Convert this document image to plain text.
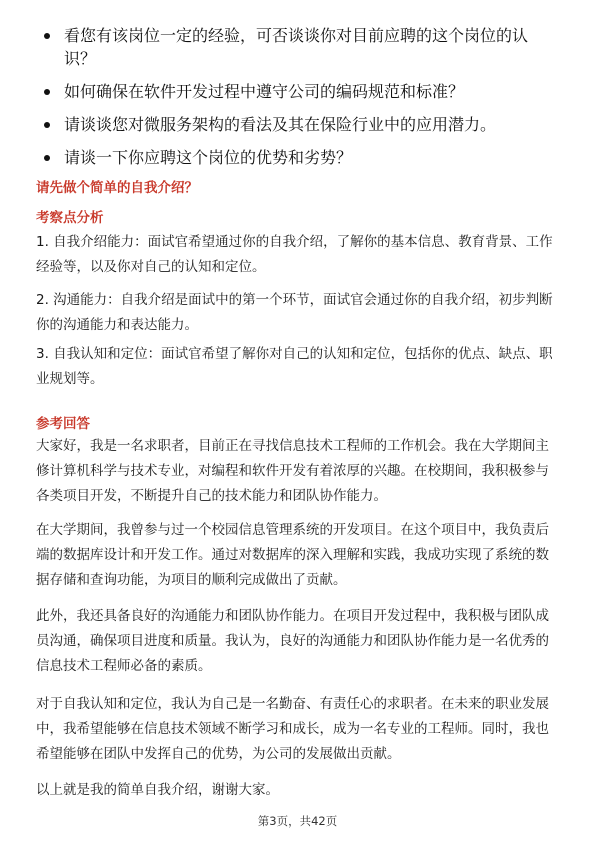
看您有该岗位一定的经验，可否谈谈你对目前应聘的这个岗位的认识？
如何确保在软件开发过程中遵守公司的编码规范和标准？
请谈谈您对微服务架构的看法及其在保险行业中的应用潜力。
请谈一下你应聘这个岗位的优势和劣势？
请先做个简单的自我介绍？
考察点分析
1. 自我介绍能力：面试官希望通过你的自我介绍，了解你的基本信息、教育背景、工作经验等，以及你对自己的认知和定位。
2. 沟通能力：自我介绍是面试中的第一个环节，面试官会通过你的自我介绍，初步判断你的沟通能力和表达能力。
3. 自我认知和定位：面试官希望了解你对自己的认知和定位，包括你的优点、缺点、职业规划等。
参考回答
大家好，我是一名求职者，目前正在寻找信息技术工程师的工作机会。我在大学期间主修计算机科学与技术专业，对编程和软件开发有着浓厚的兴趣。在校期间，我积极参与各类项目开发，不断提升自己的技术能力和团队协作能力。
在大学期间，我曾参与过一个校园信息管理系统的开发项目。在这个项目中，我负责后端的数据库设计和开发工作。通过对数据库的深入理解和实践，我成功实现了系统的数据存储和查询功能，为项目的顺利完成做出了贡献。
此外，我还具备良好的沟通能力和团队协作能力。在项目开发过程中，我积极与团队成员沟通，确保项目进度和质量。我认为，良好的沟通能力和团队协作能力是一名优秀的信息技术工程师必备的素质。
对于自我认知和定位，我认为自己是一名勤奋、有责任心的求职者。在未来的职业发展中，我希望能够在信息技术领域不断学习和成长，成为一名专业的工程师。同时，我也希望能够在团队中发挥自己的优势，为公司的发展做出贡献。
以上就是我的简单自我介绍，谢谢大家。
第3页，共42页
